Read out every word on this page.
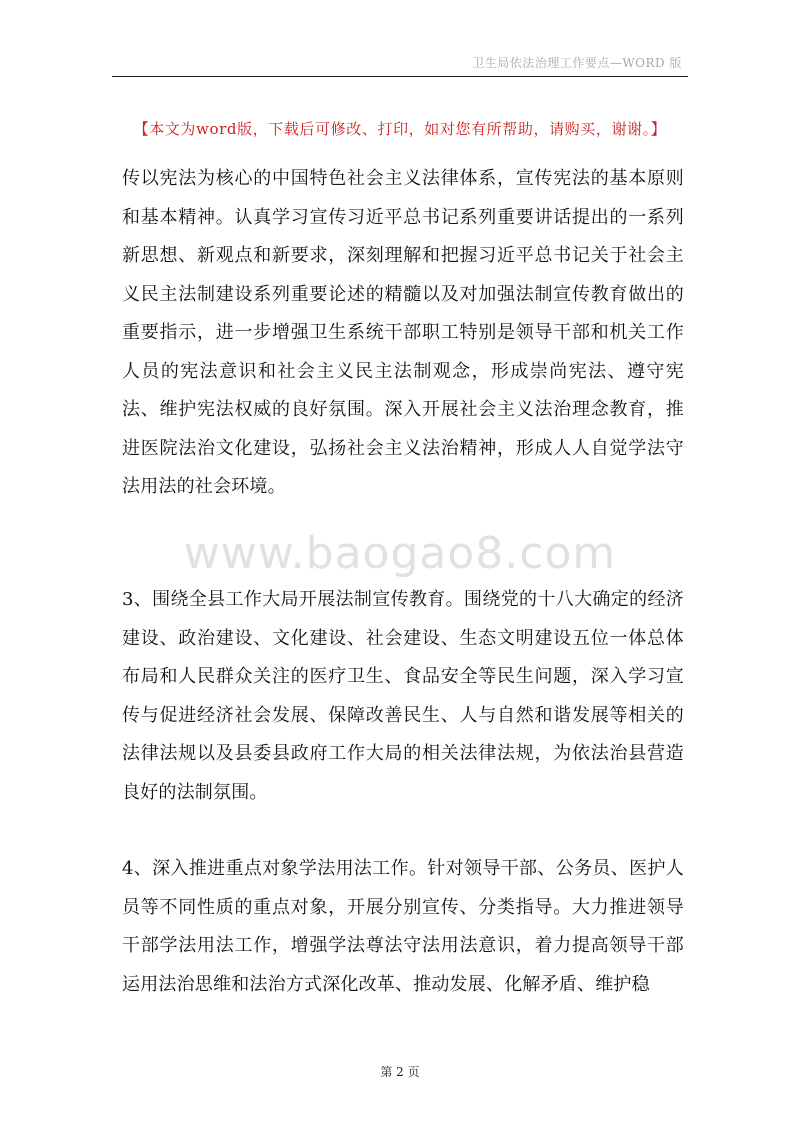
卫生局依法治理工作要点—WORD 版
【本文为word版，下载后可修改、打印，如对您有所帮助，请购买，谢谢。】

传以宪法为核心的中国特色社会主义法律体系，宣传宪法的基本原则和基本精神。认真学习宣传习近平总书记系列重要讲话提出的一系列新思想、新观点和新要求，深刻理解和把握习近平总书记关于社会主义民主法制建设系列重要论述的精髓以及对加强法制宣传教育做出的重要指示，进一步增强卫生系统干部职工特别是领导干部和机关工作人员的宪法意识和社会主义民主法制观念，形成崇尚宪法、遵守宪法、维护宪法权威的良好氛围。深入开展社会主义法治理念教育，推进医院法治文化建设，弘扬社会主义法治精神，形成人人自觉学法守法用法的社会环境。

www.baogao8.com

3、围绕全县工作大局开展法制宣传教育。围绕党的十八大确定的经济建设、政治建设、文化建设、社会建设、生态文明建设五位一体总体布局和人民群众关注的医疗卫生、食品安全等民生问题，深入学习宣传与促进经济社会发展、保障改善民生、人与自然和谐发展等相关的法律法规以及县委县政府工作大局的相关法律法规，为依法治县营造良好的法制氛围。

4、深入推进重点对象学法用法工作。针对领导干部、公务员、医护人员等不同性质的重点对象，开展分别宣传、分类指导。大力推进领导干部学法用法工作，增强学法尊法守法用法意识，着力提高领导干部运用法治思维和法治方式深化改革、推动发展、化解矛盾、维护稳

第 2 页
